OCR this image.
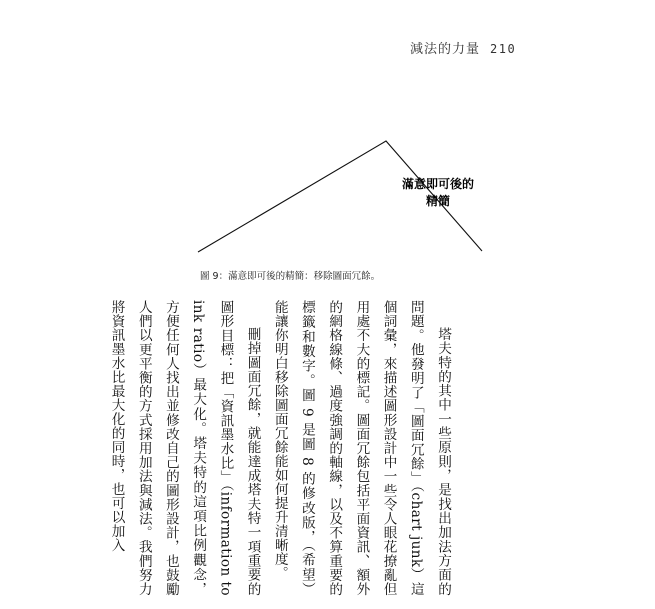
減法的力量 210
滿意即可後的
精簡
圖 9：滿意即可後的精簡：移除圖面冗餘。

塔夫特的其中一些原則，是找出加法方面的問題。他發明了「圖面冗餘」（chart junk）這個詞彙，來描述圖形設計中一些令人眼花撩亂但用處不大的標記。圖面冗餘包括平面資訊、額外的網格線條、過度強調的軸線，以及不算重要的標籤和數字。圖 9 是圖 8 的修改版，（希望）能讓你明白移除圖面冗餘能如何提升清晰度。

刪掉圖面冗餘，就能達成塔夫特一項重要的圖形目標：把「資訊墨水比」（information to ink ratio）最大化。塔夫特的這項比例觀念，方便任何人找出並修改自己的圖形設計，也鼓勵人們以更平衡的方式採用加法與減法。我們努力將資訊墨水比最大化的同時，也可以加入
